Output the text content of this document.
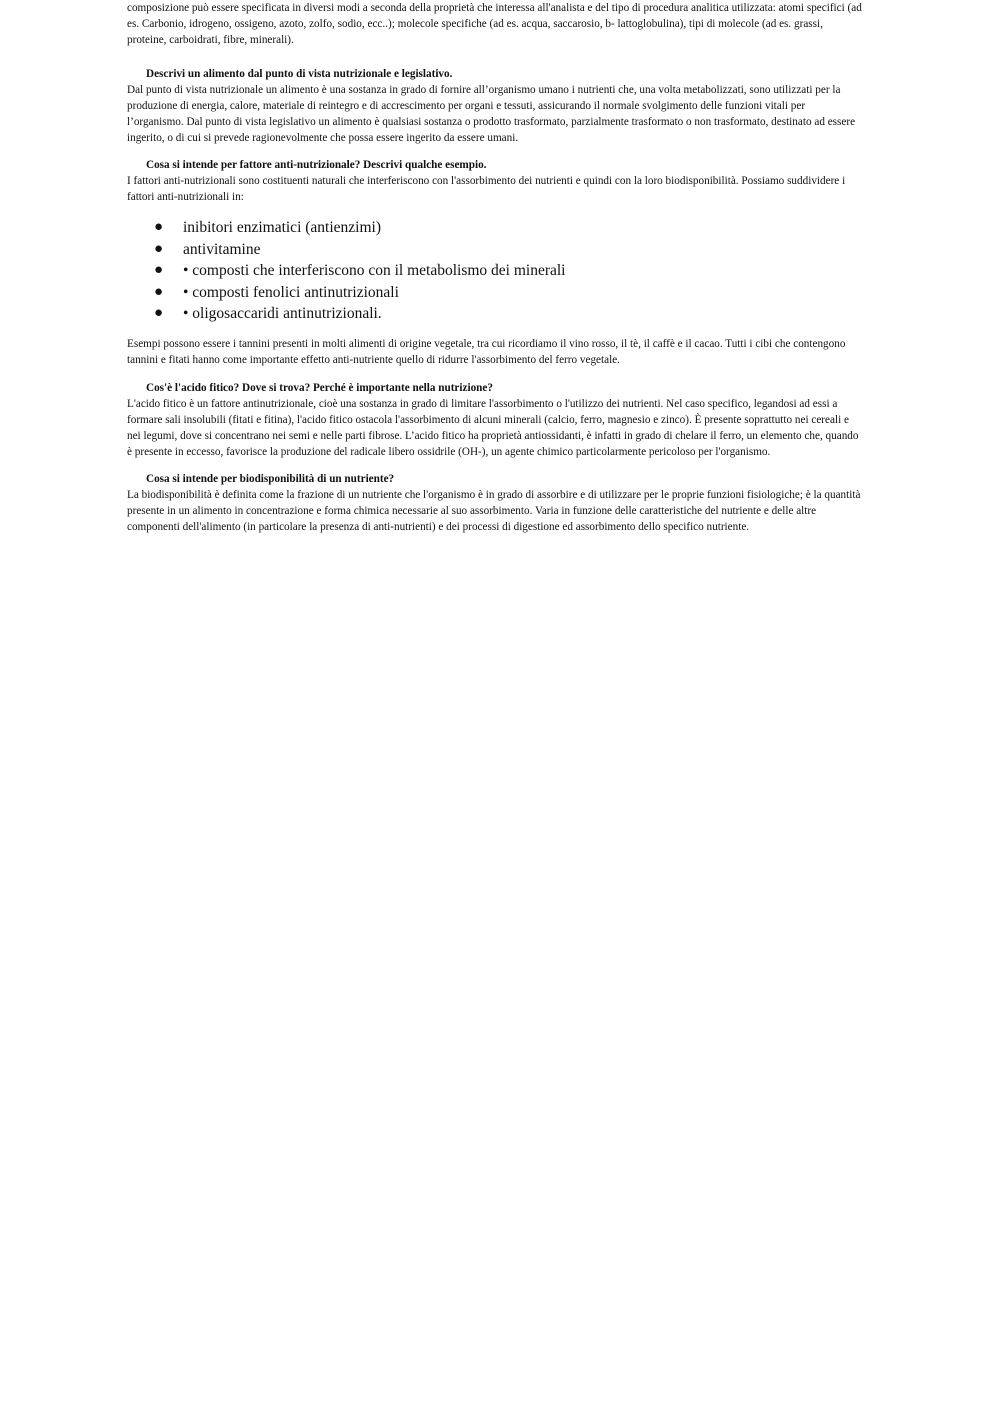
composizione può essere specificata in diversi modi a seconda della proprietà che interessa all'analista e del tipo di procedura analitica utilizzata: atomi specifici (ad es. Carbonio, idrogeno, ossigeno, azoto, zolfo, sodio, ecc..); molecole specifiche (ad es. acqua, saccarosio, b- lattoglobulina), tipi di molecole (ad es. grassi, proteine, carboidrati, fibre, minerali).

Descrivi un alimento dal punto di vista nutrizionale e legislativo.

Dal punto di vista nutrizionale un alimento è una sostanza in grado di fornire all’organismo umano i nutrienti che, una volta metabolizzati, sono utilizzati per la produzione di energia, calore, materiale di reintegro e di accrescimento per organi e tessuti, assicurando il normale svolgimento delle funzioni vitali per l’organismo. Dal punto di vista legislativo un alimento è qualsiasi sostanza o prodotto trasformato, parzialmente trasformato o non trasformato, destinato ad essere ingerito, o di cui si prevede ragionevolmente che possa essere ingerito da essere umani.

Cosa si intende per fattore anti-nutrizionale? Descrivi qualche esempio.

I fattori anti-nutrizionali sono costituenti naturali che interferiscono con l'assorbimento dei nutrienti e quindi con la loro biodisponibilità. Possiamo suddividere i fattori anti-nutrizionali in:

● inibitori enzimatici (antienzimi)
● antivitamine
● • composti che interferiscono con il metabolismo dei minerali
● • composti fenolici antinutrizionali
● • oligosaccaridi antinutrizionali.

Esempi possono essere i tannini presenti in molti alimenti di origine vegetale, tra cui ricordiamo il vino rosso, il tè, il caffè e il cacao. Tutti i cibi che contengono tannini e fitati hanno come importante effetto anti-nutriente quello di ridurre l'assorbimento del ferro vegetale.

Cos'è l'acido fitico? Dove si trova? Perché è importante nella nutrizione?

L'acido fitico è un fattore antinutrizionale, cioè una sostanza in grado di limitare l'assorbimento o l'utilizzo dei nutrienti. Nel caso specifico, legandosi ad essi a formare sali insolubili (fitati e fitina), l'acido fitico ostacola l'assorbimento di alcuni minerali (calcio, ferro, magnesio e zinco). È presente soprattutto nei cereali e nei legumi, dove si concentrano nei semi e nelle parti fibrose. L’acido fitico ha proprietà antiossidanti, è infatti in grado di chelare il ferro, un elemento che, quando è presente in eccesso, favorisce la produzione del radicale libero ossidrile (OH-), un agente chimico particolarmente pericoloso per l'organismo.

Cosa si intende per biodisponibilità di un nutriente?

La biodisponibilità è definita come la frazione di un nutriente che l'organismo è in grado di assorbire e di utilizzare per le proprie funzioni fisiologiche; è la quantità presente in un alimento in concentrazione e forma chimica necessarie al suo assorbimento. Varia in funzione delle caratteristiche del nutriente e delle altre componenti dell'alimento (in particolare la presenza di anti-nutrienti) e dei processi di digestione ed assorbimento dello specifico nutriente.
